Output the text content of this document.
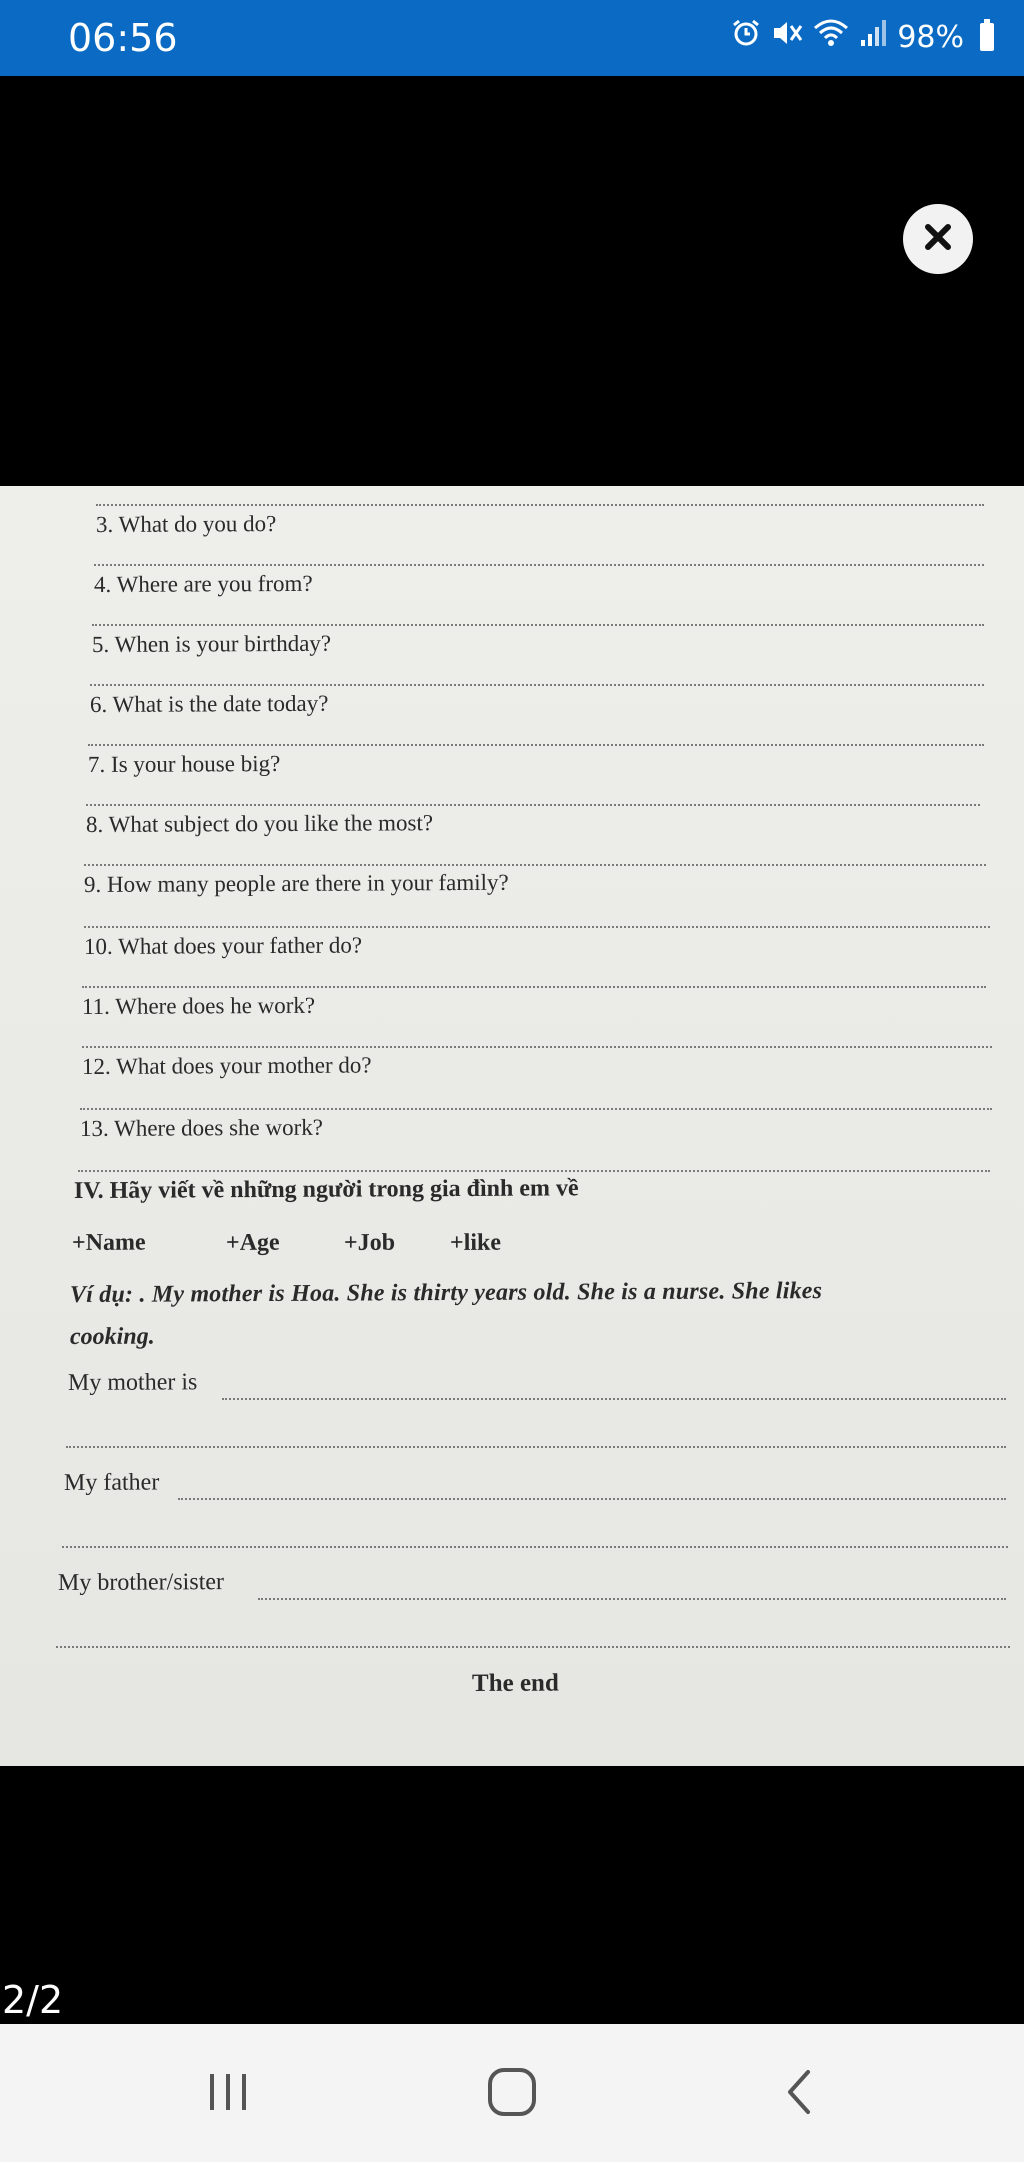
06:56	98%
3. What do you do?
4. Where are you from?
5. When is your birthday?
6. What is the date today?
7. Is your house big?
8. What subject do you like the most?
9. How many people are there in your family?
10. What does your father do?
11. Where does he work?
12. What does your mother do?
13. Where does she work?
IV. Hãy viết về những người trong gia đình em về
+Name	+Age	+Job +like
Ví dụ: . My mother is Hoa. She is thirty years old. She is a nurse. She likes
cooking.
My mother is
My father
My brother/sister
The end
2/2
